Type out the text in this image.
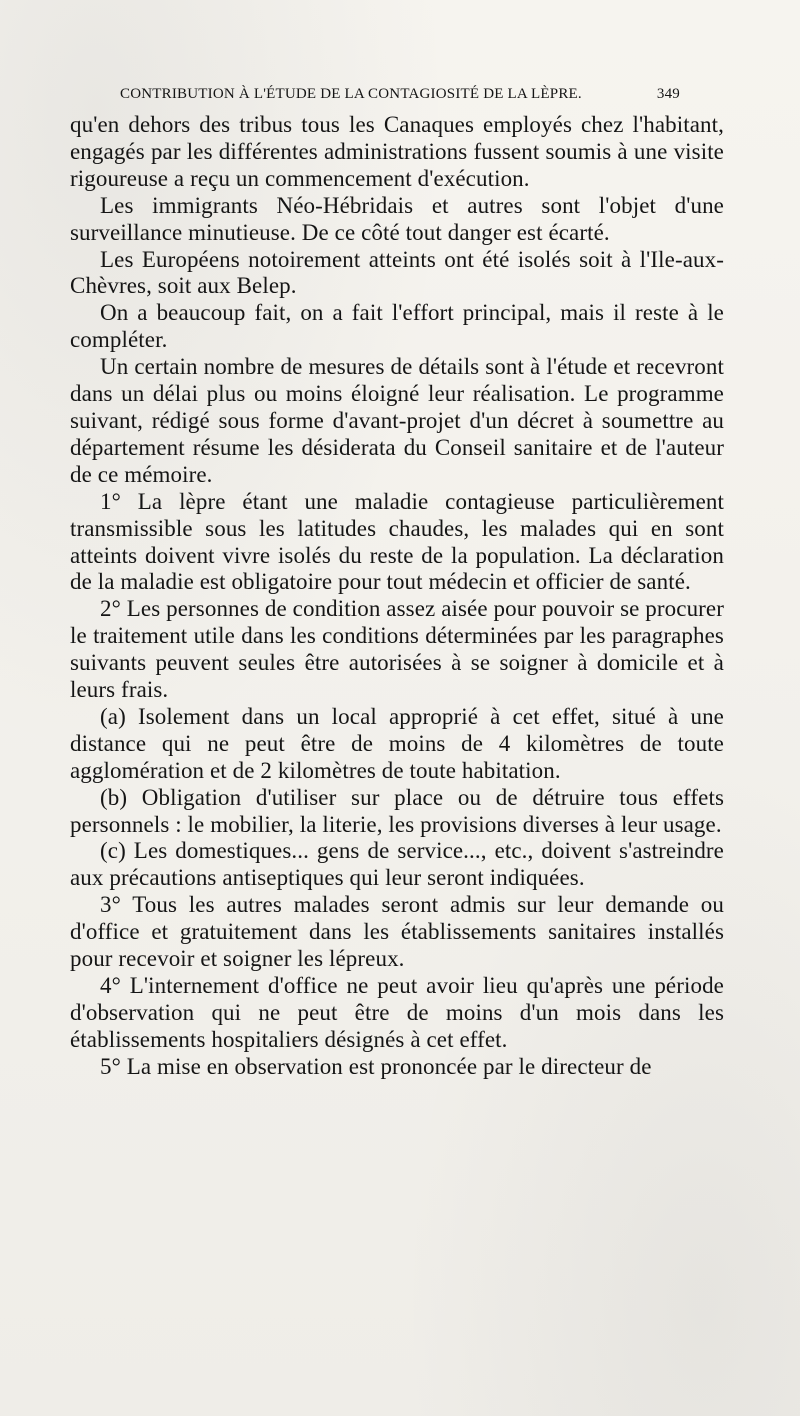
CONTRIBUTION À L'ÉTUDE DE LA CONTAGIOSITÉ DE LA LÈPRE.	349

qu'en dehors des tribus tous les Canaques employés chez l'habitant, engagés par les différentes administrations fussent soumis à une visite rigoureuse a reçu un commencement d'exécution.

Les immigrants Néo-Hébridais et autres sont l'objet d'une surveillance minutieuse. De ce côté tout danger est écarté.

Les Européens notoirement atteints ont été isolés soit à l'Ile-aux-Chèvres, soit aux Belep.

On a beaucoup fait, on a fait l'effort principal, mais il reste à le compléter.

Un certain nombre de mesures de détails sont à l'étude et recevront dans un délai plus ou moins éloigné leur réalisation. Le programme suivant, rédigé sous forme d'avant-projet d'un décret à soumettre au département résume les désiderata du Conseil sanitaire et de l'auteur de ce mémoire.

1° La lèpre étant une maladie contagieuse particulièrement transmissible sous les latitudes chaudes, les malades qui en sont atteints doivent vivre isolés du reste de la population. La déclaration de la maladie est obligatoire pour tout médecin et officier de santé.

2° Les personnes de condition assez aisée pour pouvoir se procurer le traitement utile dans les conditions déterminées par les paragraphes suivants peuvent seules être autorisées à se soigner à domicile et à leurs frais.

(a) Isolement dans un local approprié à cet effet, situé à une distance qui ne peut être de moins de 4 kilomètres de toute agglomération et de 2 kilomètres de toute habitation.

(b) Obligation d'utiliser sur place ou de détruire tous effets personnels : le mobilier, la literie, les provisions diverses à leur usage.

(c) Les domestiques... gens de service..., etc., doivent s'astreindre aux précautions antiseptiques qui leur seront indiquées.

3° Tous les autres malades seront admis sur leur demande ou d'office et gratuitement dans les établissements sanitaires installés pour recevoir et soigner les lépreux.

4° L'internement d'office ne peut avoir lieu qu'après une période d'observation qui ne peut être de moins d'un mois dans les établissements hospitaliers désignés à cet effet.

5° La mise en observation est prononcée par le directeur de
